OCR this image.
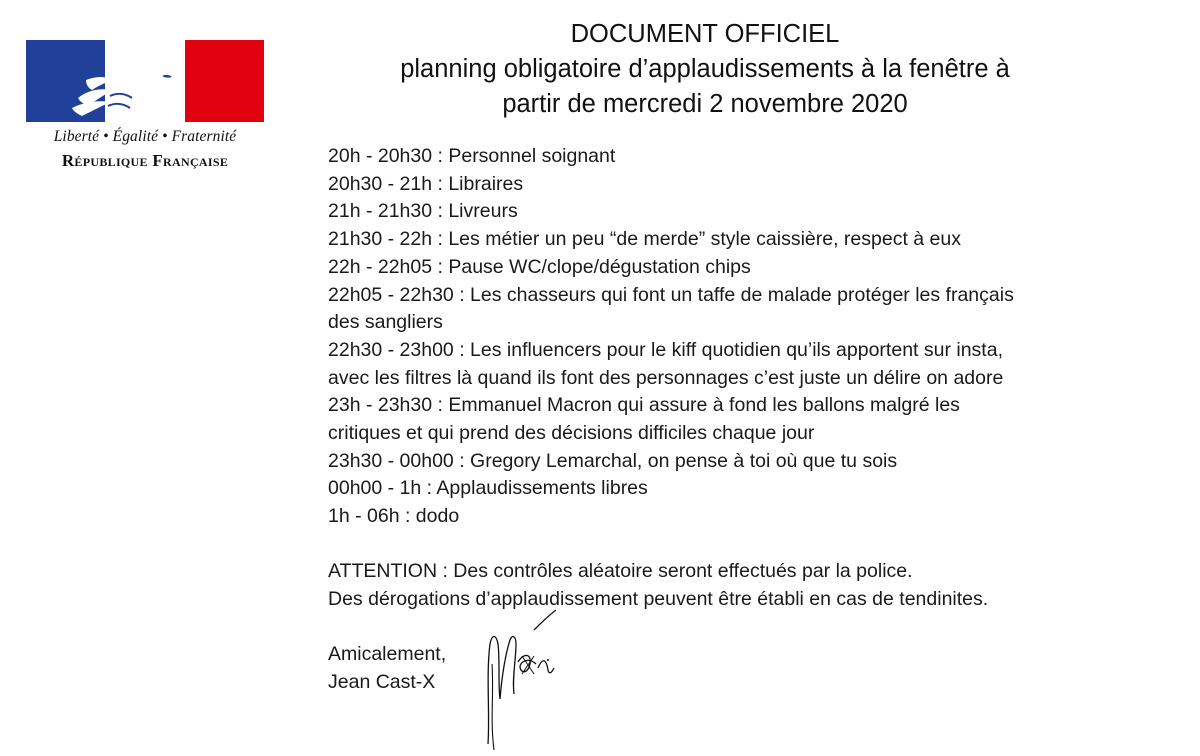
Liberté • Égalité • Fraternité
République Française
DOCUMENT OFFICIEL
planning obligatoire d’applaudissements à la fenêtre à
partir de mercredi 2 novembre 2020
20h - 20h30 : Personnel soignant
20h30 - 21h : Libraires
21h - 21h30 : Livreurs
21h30 - 22h : Les métier un peu “de merde” style caissière, respect à eux
22h - 22h05 : Pause WC/clope/dégustation chips
22h05 - 22h30 : Les chasseurs qui font un taffe de malade protéger les français
des sangliers
22h30 - 23h00 : Les influencers pour le kiff quotidien qu’ils apportent sur insta,
avec les filtres là quand ils font des personnages c’est juste un délire on adore
23h - 23h30 : Emmanuel Macron qui assure à fond les ballons malgré les
critiques et qui prend des décisions difficiles chaque jour
23h30 - 00h00 : Gregory Lemarchal, on pense à toi où que tu sois
00h00 - 1h : Applaudissements libres
1h - 06h : dodo
ATTENTION : Des contrôles aléatoire seront effectués par la police.
Des dérogations d’applaudissement peuvent être établi en cas de tendinites.
Amicalement,
Jean Cast-X
